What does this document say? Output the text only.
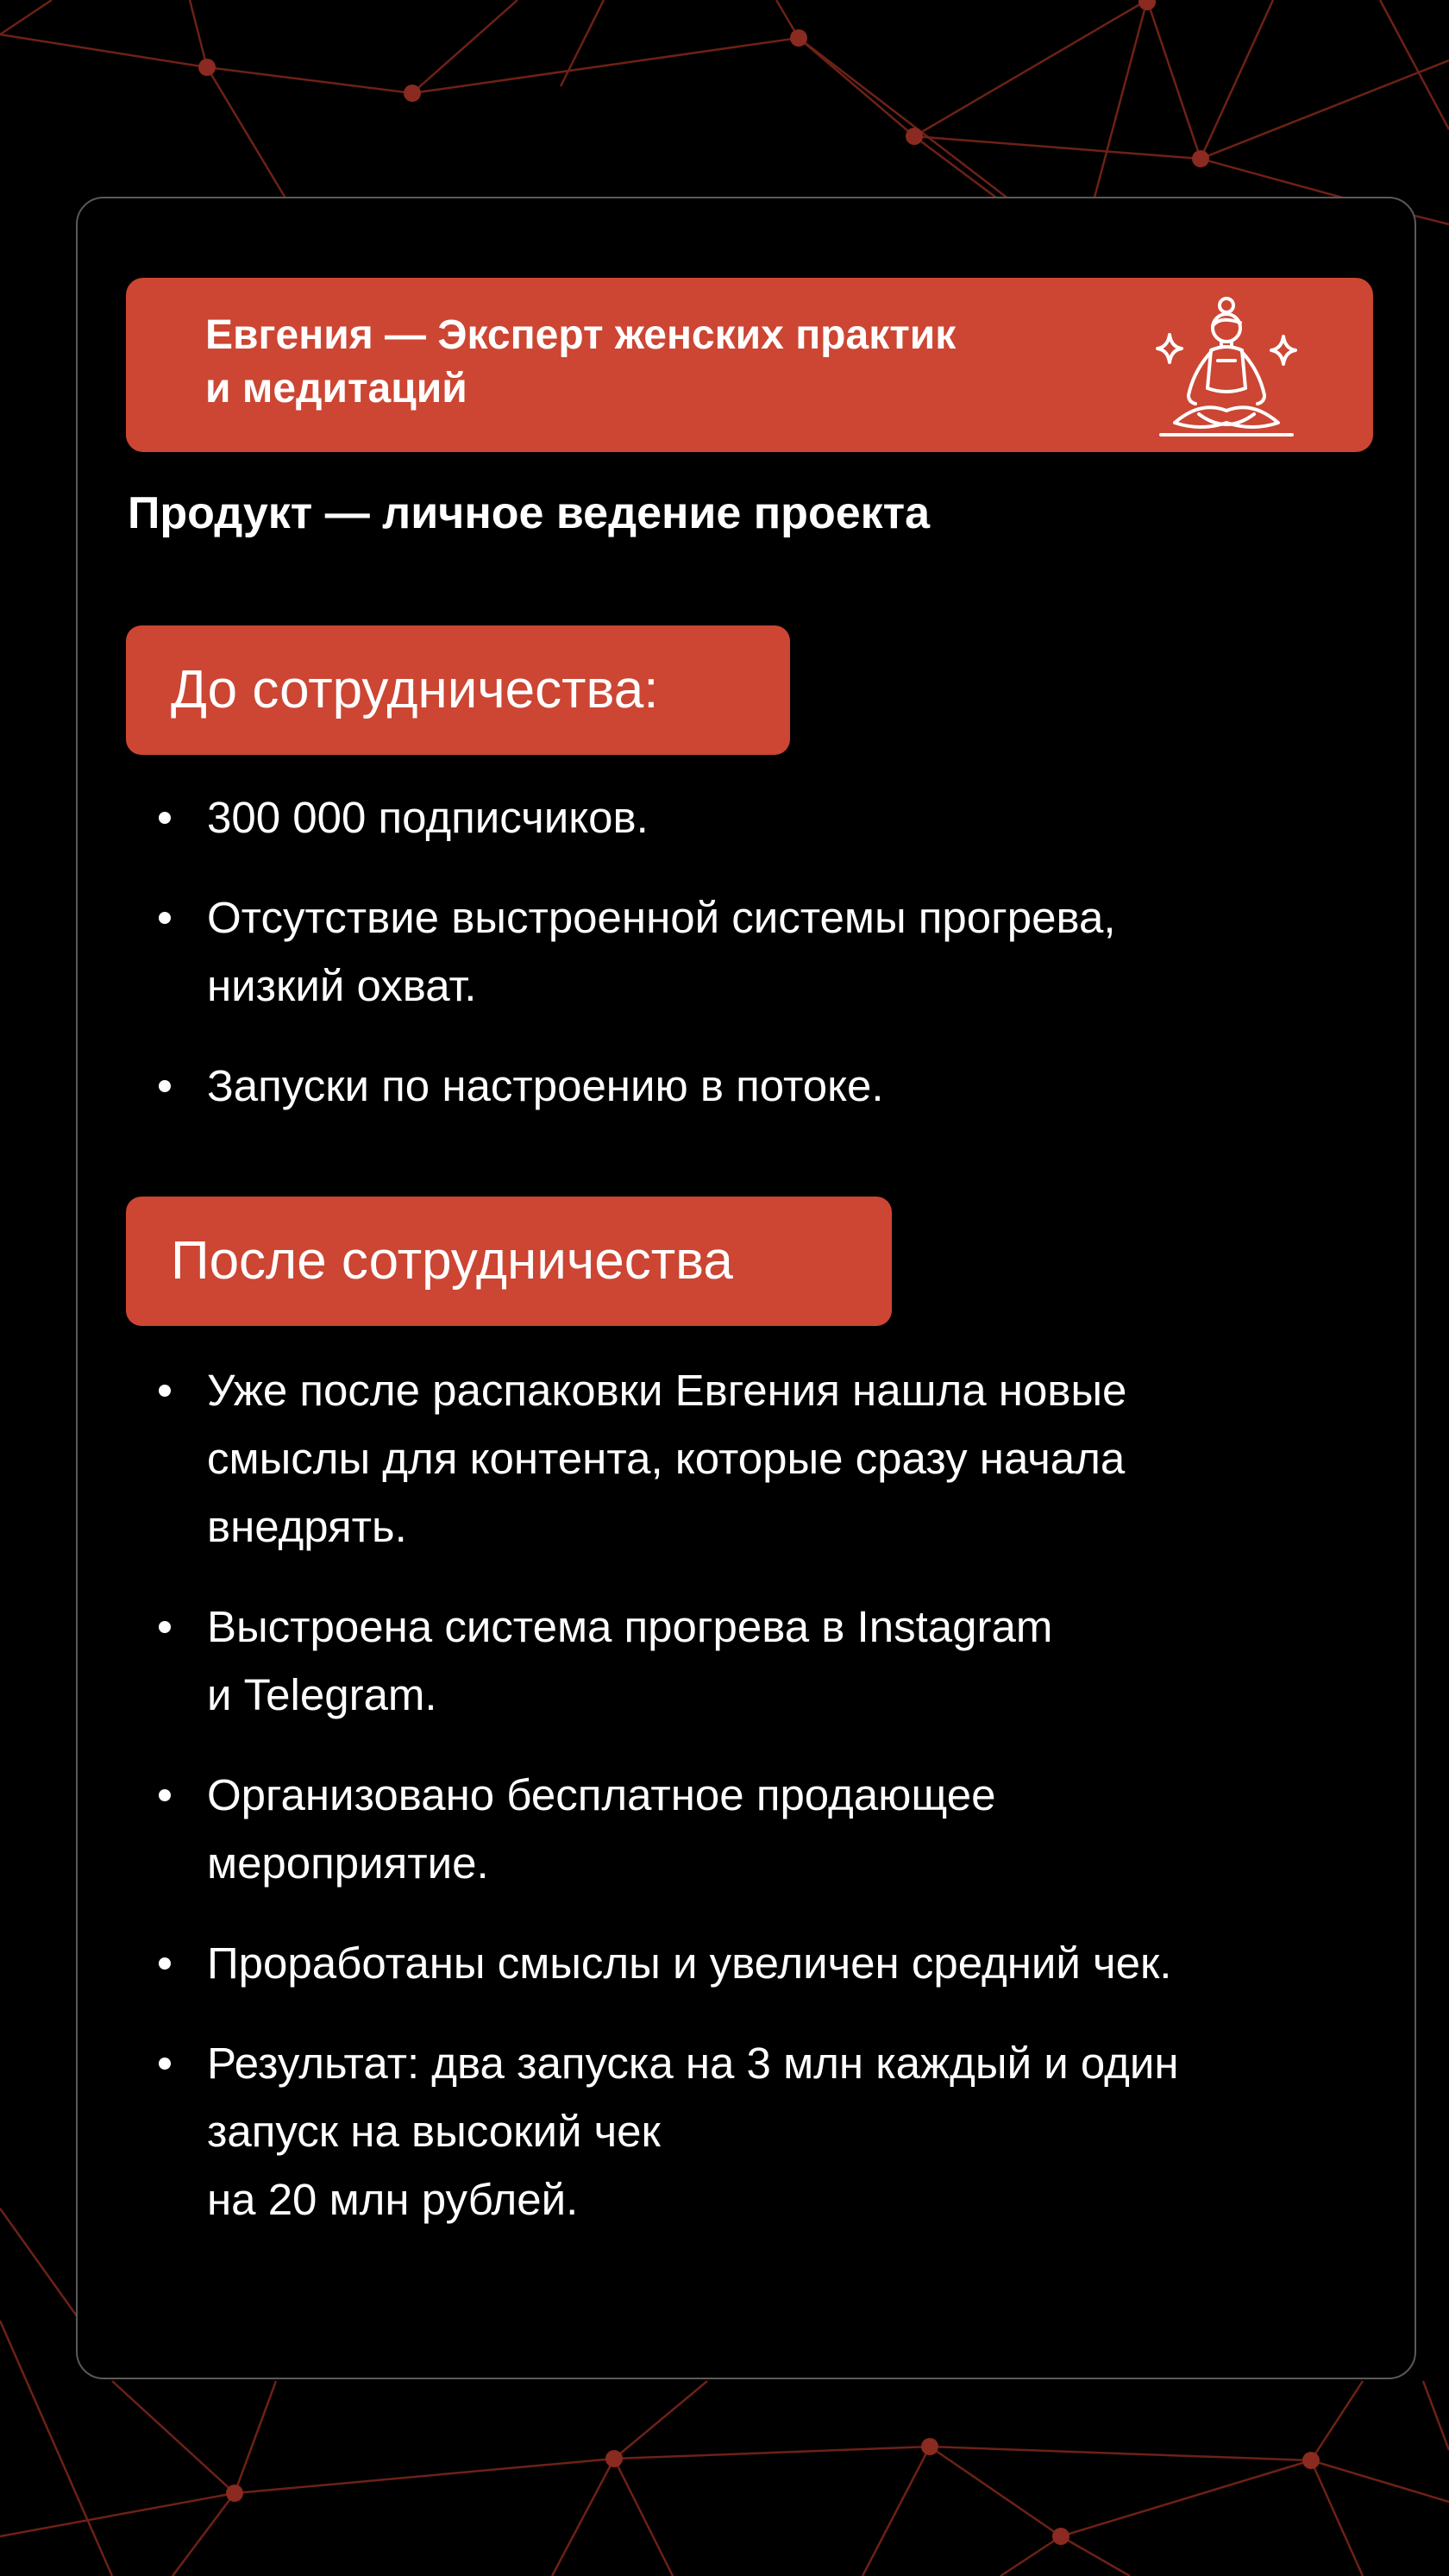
Евгения — Эксперт женских практик
и медитаций
Продукт — личное ведение проекта
До сотрудничества:
300 000 подписчиков.
Отсутствие выстроенной системы прогрева,
низкий охват.
Запуски по настроению в потоке.
После сотрудничества
Уже после распаковки Евгения нашла новые
смыслы для контента, которые сразу начала
внедрять.
Выстроена система прогрева в Instagram
и Telegram.
Организовано бесплатное продающее
мероприятие.
Проработаны смыслы и увеличен средний чек.
Результат: два запуска на 3 млн каждый и один
запуск на высокий чек
на 20 млн рублей.
